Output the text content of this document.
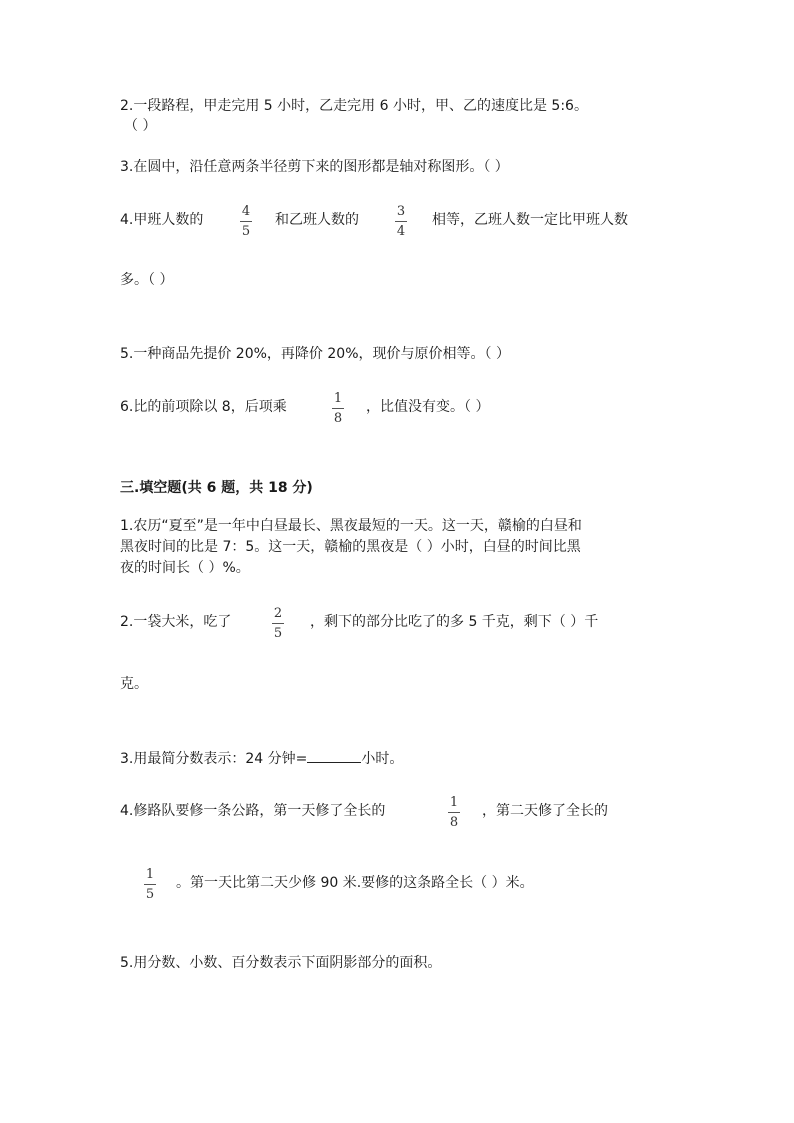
2.一段路程，甲走完用 5 小时，乙走完用 6 小时，甲、乙的速度比是 5:6。
（ ）
3.在圆中，沿任意两条半径剪下来的图形都是轴对称图形。（ ）
4.甲班人数的
4
5
和乙班人数的
3
4
相等，乙班人数一定比甲班人数
多。（ ）
5.一种商品先提价 20%，再降价 20%，现价与原价相等。（ ）
6.比的前项除以 8，后项乘
1
8
，比值没有变。（ ）
三.填空题(共 6 题，共 18 分)
1.农历“夏至”是一年中白昼最长、黑夜最短的一天。这一天，赣榆的白昼和
黑夜时间的比是 7：5。这一天，赣榆的黑夜是（ ）小时，白昼的时间比黑
夜的时间长（ ）%。
2.一袋大米，吃了
2
5
，剩下的部分比吃了的多 5 千克，剩下（ ）千
克。
3.用最简分数表示：24 分钟=	小时。
4.修路队要修一条公路，第一天修了全长的
1
8
，第二天修了全长的
1
5
。第一天比第二天少修 90 米.要修的这条路全长（ ）米。
5.用分数、小数、百分数表示下面阴影部分的面积。
